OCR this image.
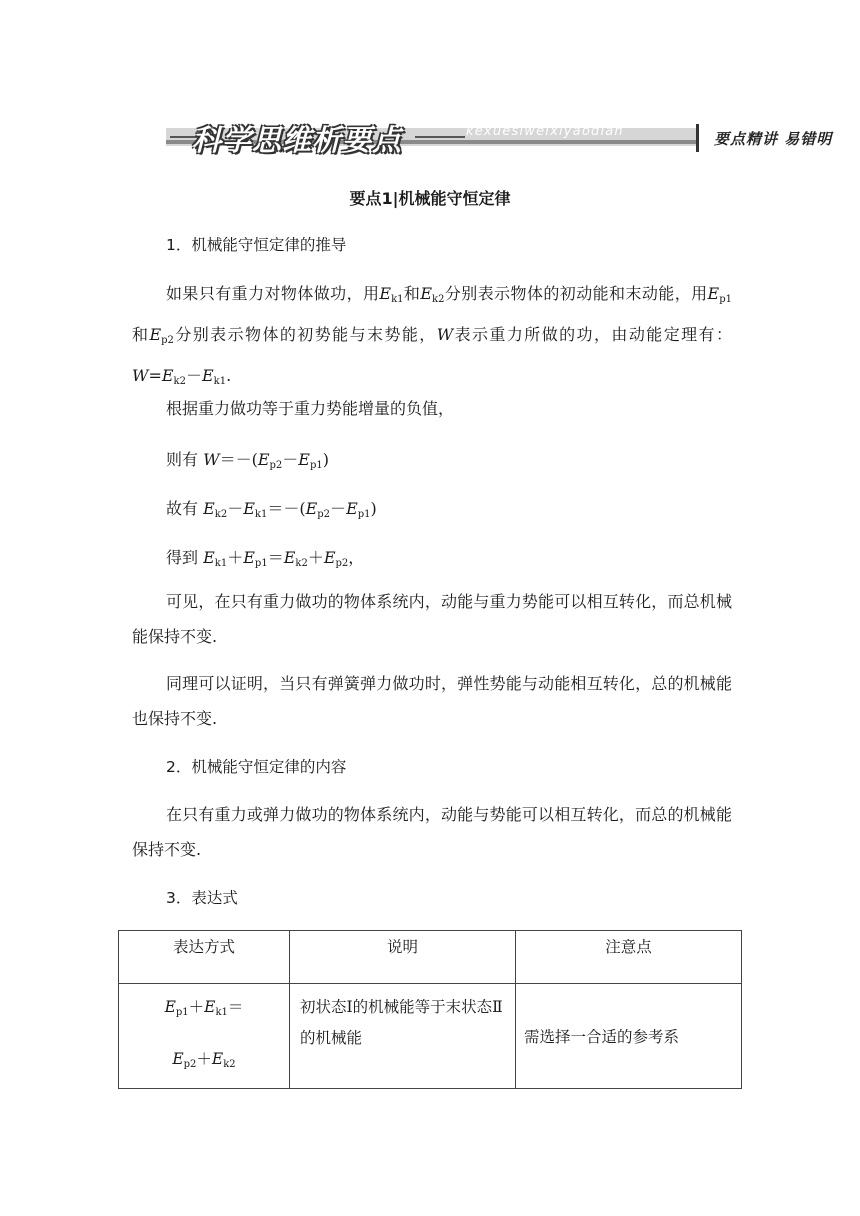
科学思维析要点	kexuesiweixiyaodian	要点精讲 易错明
要点1|机械能守恒定律
1．机械能守恒定律的推导
如果只有重力对物体做功，用$E_{k1}$和$E_{k2}$分别表示物体的初动能和末动能，用$E_{p1}$和$E_{p2}$分别表示物体的初势能与末势能，W表示重力所做的功，由动能定理有：$W=E_{k2}-E_{k1}$.
根据重力做功等于重力势能增量的负值，
则有 $W=-(E_{p2}-E_{p1})$
故有 $E_{k2}-E_{k1}=-(E_{p2}-E_{p1})$
得到 $E_{k1}+E_{p1}=E_{k2}+E_{p2}$，
可见，在只有重力做功的物体系统内，动能与重力势能可以相互转化，而总机械能保持不变.
同理可以证明，当只有弹簧弹力做功时，弹性势能与动能相互转化，总的机械能也保持不变.
2．机械能守恒定律的内容
在只有重力或弹力做功的物体系统内，动能与势能可以相互转化，而总的机械能保持不变.
3．表达式
表达方式	说明	注意点
$E_{p1}+E_{k1}=$
$E_{p2}+E_{k2}$	初状态Ⅰ的机械能等于末状态Ⅱ的机械能	需选择一合适的参考系
